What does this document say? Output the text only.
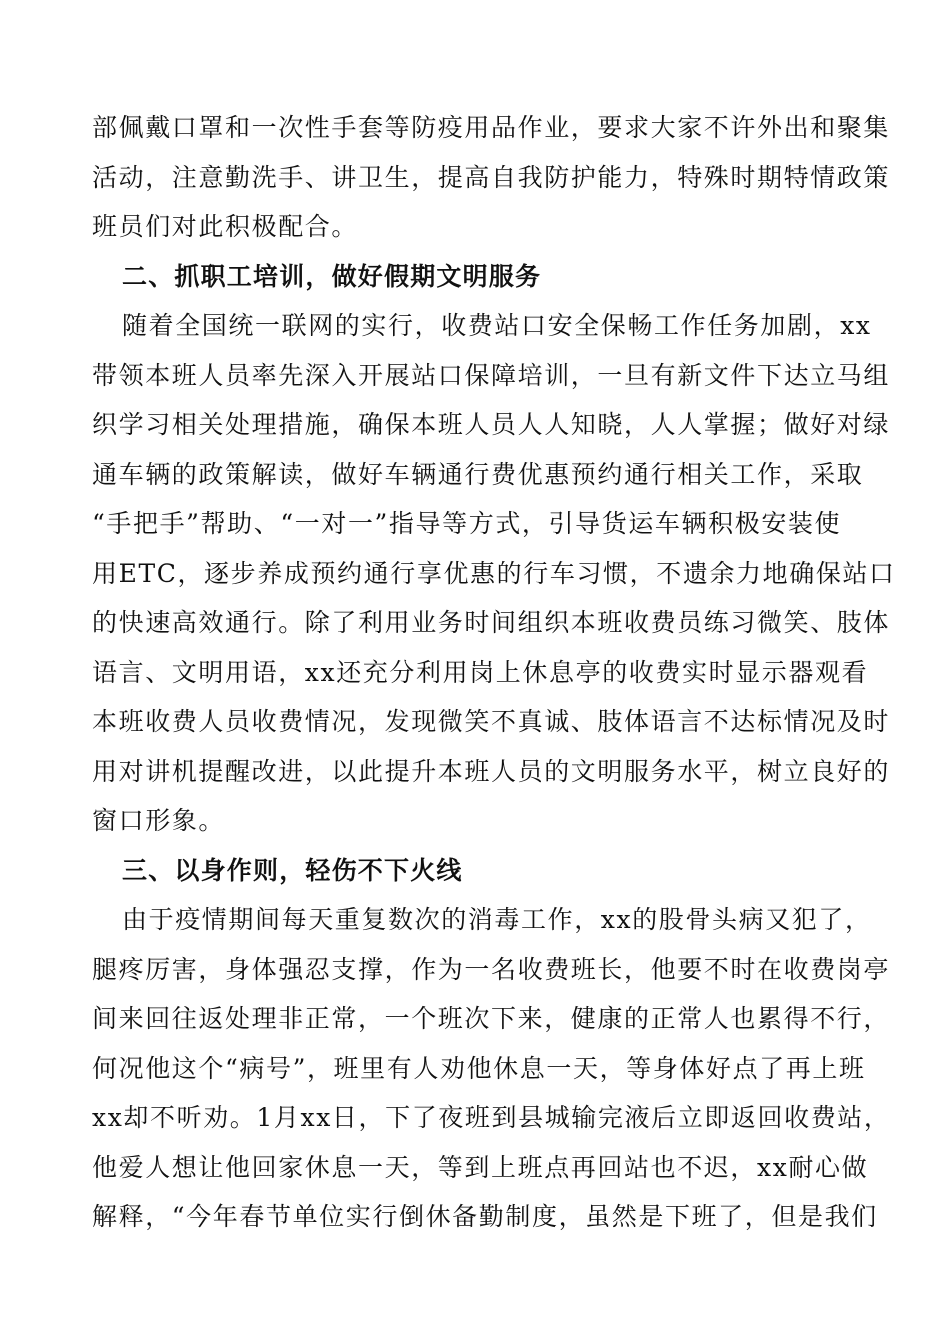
部佩戴口罩和一次性手套等防疫用品作业，要求大家不许外出和聚集
活动，注意勤洗手、讲卫生，提高自我防护能力，特殊时期特情政策
班员们对此积极配合。
二、抓职工培训，做好假期文明服务
随着全国统一联网的实行，收费站口安全保畅工作任务加剧，xx
带领本班人员率先深入开展站口保障培训，一旦有新文件下达立马组
织学习相关处理措施，确保本班人员人人知晓，人人掌握；做好对绿
通车辆的政策解读，做好车辆通行费优惠预约通行相关工作，采取
“手把手”帮助、“一对一”指导等方式，引导货运车辆积极安装使
用ETC，逐步养成预约通行享优惠的行车习惯，不遗余力地确保站口
的快速高效通行。除了利用业务时间组织本班收费员练习微笑、肢体
语言、文明用语，xx还充分利用岗上休息亭的收费实时显示器观看
本班收费人员收费情况，发现微笑不真诚、肢体语言不达标情况及时
用对讲机提醒改进，以此提升本班人员的文明服务水平，树立良好的
窗口形象。
三、以身作则，轻伤不下火线
由于疫情期间每天重复数次的消毒工作，xx的股骨头病又犯了，
腿疼厉害，身体强忍支撑，作为一名收费班长，他要不时在收费岗亭
间来回往返处理非正常，一个班次下来，健康的正常人也累得不行，
何况他这个“病号”，班里有人劝他休息一天，等身体好点了再上班
xx却不听劝。1月xx日，下了夜班到县城输完液后立即返回收费站，
他爱人想让他回家休息一天，等到上班点再回站也不迟，xx耐心做
解释，“今年春节单位实行倒休备勤制度，虽然是下班了，但是我们
